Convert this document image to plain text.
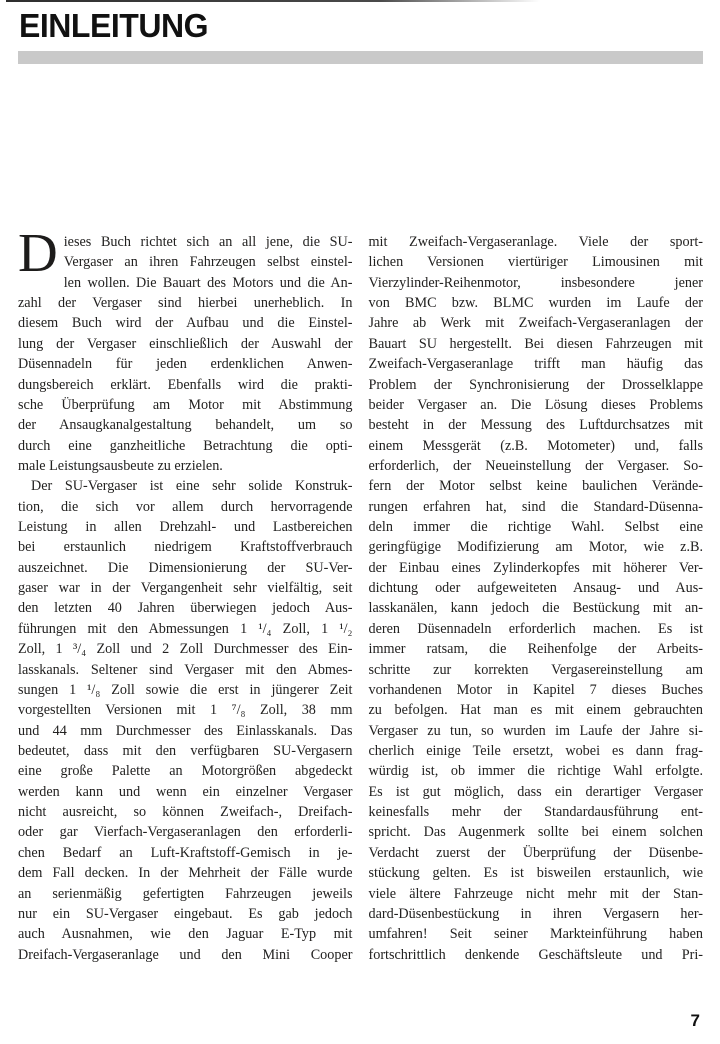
EINLEITUNG
D ieses Buch richtet sich an all jene, die SU-
Vergaser an ihren Fahrzeugen selbst einstel-
len wollen. Die Bauart des Motors und die An-
zahl der Vergaser sind hierbei unerheblich. In
diesem Buch wird der Aufbau und die Einstel-
lung der Vergaser einschließlich der Auswahl der
Düsennadeln für jeden erdenklichen Anwen-
dungsbereich erklärt. Ebenfalls wird die prakti-
sche Überprüfung am Motor mit Abstimmung
der Ansaugkanalgestaltung behandelt, um so
durch eine ganzheitliche Betrachtung die opti-
male Leistungsausbeute zu erzielen.
Der SU-Vergaser ist eine sehr solide Konstruk-
tion, die sich vor allem durch hervorragende
Leistung in allen Drehzahl- und Lastbereichen
bei erstaunlich niedrigem Kraftstoffverbrauch
auszeichnet. Die Dimensionierung der SU-Ver-
gaser war in der Vergangenheit sehr vielfältig, seit
den letzten 40 Jahren überwiegen jedoch Aus-
führungen mit den Abmessungen 1 ¹/₄ Zoll, 1 ¹/₂
Zoll, 1 ³/₄ Zoll und 2 Zoll Durchmesser des Ein-
lasskanals. Seltener sind Vergaser mit den Abmes-
sungen 1 ¹/₈ Zoll sowie die erst in jüngerer Zeit
vorgestellten Versionen mit 1 ⁷/₈ Zoll, 38 mm
und 44 mm Durchmesser des Einlasskanals. Das
bedeutet, dass mit den verfügbaren SU-Vergasern
eine große Palette an Motorgrößen abgedeckt
werden kann und wenn ein einzelner Vergaser
nicht ausreicht, so können Zweifach-, Dreifach-
oder gar Vierfach-Vergaseranlagen den erforderli-
chen Bedarf an Luft-Kraftstoff-Gemisch in je-
dem Fall decken. In der Mehrheit der Fälle wurde
an serienmäßig gefertigten Fahrzeugen jeweils
nur ein SU-Vergaser eingebaut. Es gab jedoch
auch Ausnahmen, wie den Jaguar E-Typ mit
Dreifach-Vergaseranlage und den Mini Cooper
mit Zweifach-Vergaseranlage. Viele der sport-
lichen Versionen viertüriger Limousinen mit
Vierzylinder-Reihenmotor, insbesondere jener
von BMC bzw. BLMC wurden im Laufe der
Jahre ab Werk mit Zweifach-Vergaseranlagen der
Bauart SU hergestellt. Bei diesen Fahrzeugen mit
Zweifach-Vergaseranlage trifft man häufig das
Problem der Synchronisierung der Drosselklappe
beider Vergaser an. Die Lösung dieses Problems
besteht in der Messung des Luftdurchsatzes mit
einem Messgerät (z.B. Motometer) und, falls
erforderlich, der Neueinstellung der Vergaser. So-
fern der Motor selbst keine baulichen Verände-
rungen erfahren hat, sind die Standard-Düsenna-
deln immer die richtige Wahl. Selbst eine
geringfügige Modifizierung am Motor, wie z.B.
der Einbau eines Zylinderkopfes mit höherer Ver-
dichtung oder aufgeweiteten Ansaug- und Aus-
lasskanälen, kann jedoch die Bestückung mit an-
deren Düsennadeln erforderlich machen. Es ist
immer ratsam, die Reihenfolge der Arbeits-
schritte zur korrekten Vergasereinstellung am
vorhandenen Motor in Kapitel 7 dieses Buches
zu befolgen. Hat man es mit einem gebrauchten
Vergaser zu tun, so wurden im Laufe der Jahre si-
cherlich einige Teile ersetzt, wobei es dann frag-
würdig ist, ob immer die richtige Wahl erfolgte.
Es ist gut möglich, dass ein derartiger Vergaser
keinesfalls mehr der Standardausführung ent-
spricht. Das Augenmerk sollte bei einem solchen
Verdacht zuerst der Überprüfung der Düsenbe-
stückung gelten. Es ist bisweilen erstaunlich, wie
viele ältere Fahrzeuge nicht mehr mit der Stan-
dard-Düsenbestückung in ihren Vergasern her-
umfahren! Seit seiner Markteinführung haben
fortschrittlich denkende Geschäftsleute und Pri-
7
